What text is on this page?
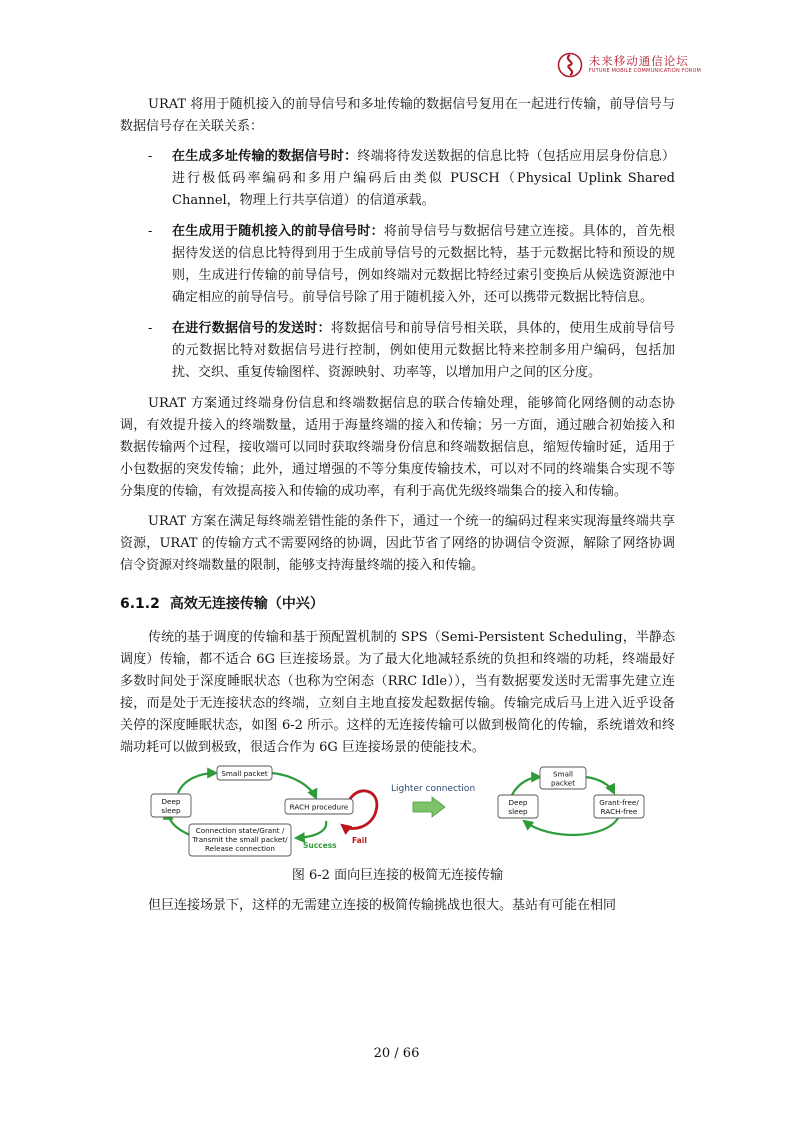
未来移动通信论坛
FUTURE MOBILE COMMUNICATION FORUM

URAT 将用于随机接入的前导信号和多址传输的数据信号复用在一起进行传输，前导信号与数据信号存在关联关系：

- 在生成多址传输的数据信号时：终端将待发送数据的信息比特（包括应用层身份信息）进行极低码率编码和多用户编码后由类似 PUSCH（Physical Uplink Shared Channel，物理上行共享信道）的信道承载。
- 在生成用于随机接入的前导信号时：将前导信号与数据信号建立连接。具体的，首先根据待发送的信息比特得到用于生成前导信号的元数据比特，基于元数据比特和预设的规则，生成进行传输的前导信号，例如终端对元数据比特经过索引变换后从候选资源池中确定相应的前导信号。前导信号除了用于随机接入外，还可以携带元数据比特信息。
- 在进行数据信号的发送时：将数据信号和前导信号相关联，具体的，使用生成前导信号的元数据比特对数据信号进行控制，例如使用元数据比特来控制多用户编码，包括加扰、交织、重复传输图样、资源映射、功率等，以增加用户之间的区分度。

URAT 方案通过终端身份信息和终端数据信息的联合传输处理，能够简化网络侧的动态协调，有效提升接入的终端数量，适用于海量终端的接入和传输；另一方面，通过融合初始接入和数据传输两个过程，接收端可以同时获取终端身份信息和终端数据信息，缩短传输时延，适用于小包数据的突发传输；此外，通过增强的不等分集度传输技术，可以对不同的终端集合实现不等分集度的传输，有效提高接入和传输的成功率，有利于高优先级终端集合的接入和传输。

URAT 方案在满足每终端差错性能的条件下，通过一个统一的编码过程来实现海量终端共享资源，URAT 的传输方式不需要网络的协调，因此节省了网络的协调信令资源，解除了网络协调信令资源对终端数量的限制，能够支持海量终端的接入和传输。

6.1.2 高效无连接传输（中兴）

传统的基于调度的传输和基于预配置机制的 SPS（Semi-Persistent Scheduling，半静态调度）传输，都不适合 6G 巨连接场景。为了最大化地减轻系统的负担和终端的功耗，终端最好多数时间处于深度睡眠状态（也称为空闲态（RRC Idle）），当有数据要发送时无需事先建立连接，而是处于无连接状态的终端，立刻自主地直接发起数据传输。传输完成后马上进入近乎设备关停的深度睡眠状态，如图 6-2 所示。这样的无连接传输可以做到极简化的传输，系统谱效和终端功耗可以做到极致，很适合作为 6G 巨连接场景的使能技术。

Deep
sleep
Small packet
RACH procedure
Connection state/Grant /
Transmit the small packet/
Release connection	Success
Fail
Lighter connection
Small
packet
Deep
sleep
Grant-free/
RACH-free

图 6-2 面向巨连接的极简无连接传输

但巨连接场景下，这样的无需建立连接的极简传输挑战也很大。基站有可能在相同

20 / 66
